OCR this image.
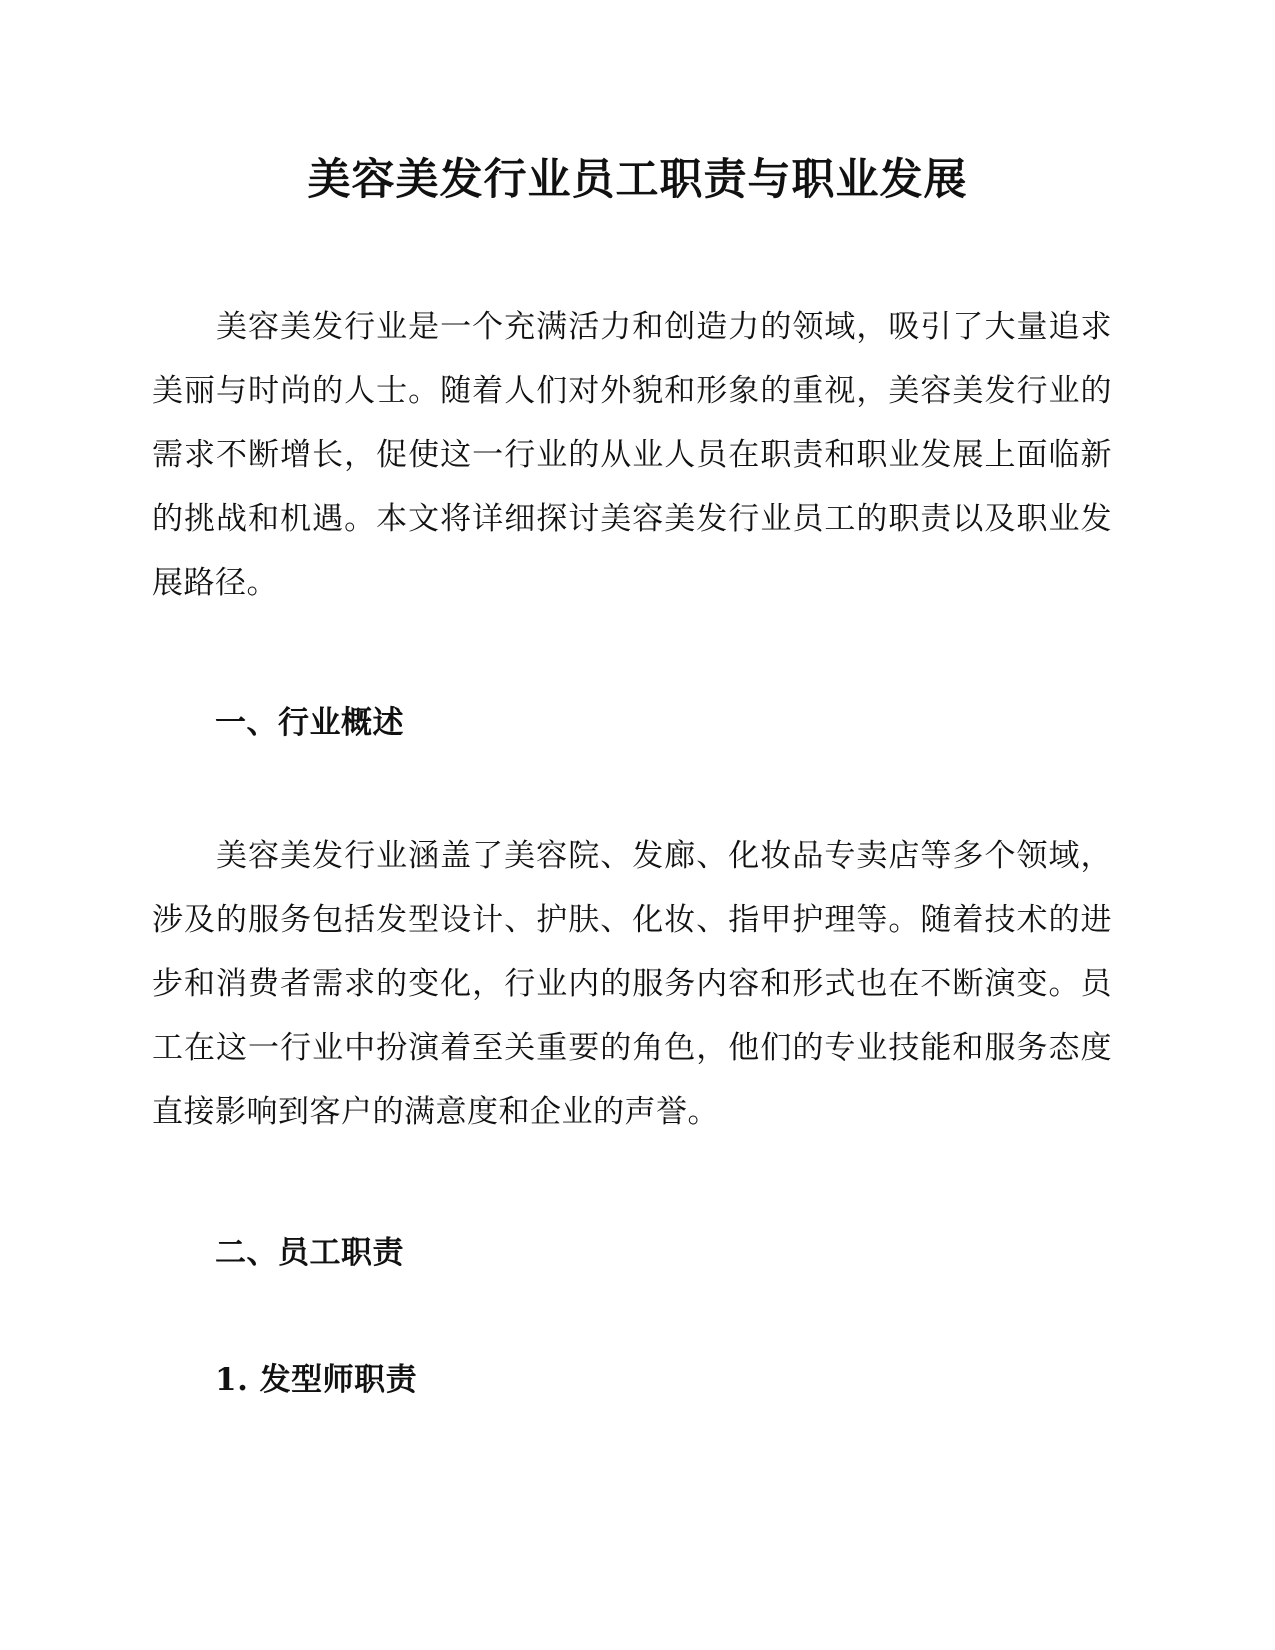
美容美发行业员工职责与职业发展

美容美发行业是一个充满活力和创造力的领域，吸引了大量追求美丽与时尚的人士。随着人们对外貌和形象的重视，美容美发行业的需求不断增长，促使这一行业的从业人员在职责和职业发展上面临新的挑战和机遇。本文将详细探讨美容美发行业员工的职责以及职业发展路径。

一、行业概述

美容美发行业涵盖了美容院、发廊、化妆品专卖店等多个领域，涉及的服务包括发型设计、护肤、化妆、指甲护理等。随着技术的进步和消费者需求的变化，行业内的服务内容和形式也在不断演变。员工在这一行业中扮演着至关重要的角色，他们的专业技能和服务态度直接影响到客户的满意度和企业的声誉。

二、员工职责
1. 发型师职责
